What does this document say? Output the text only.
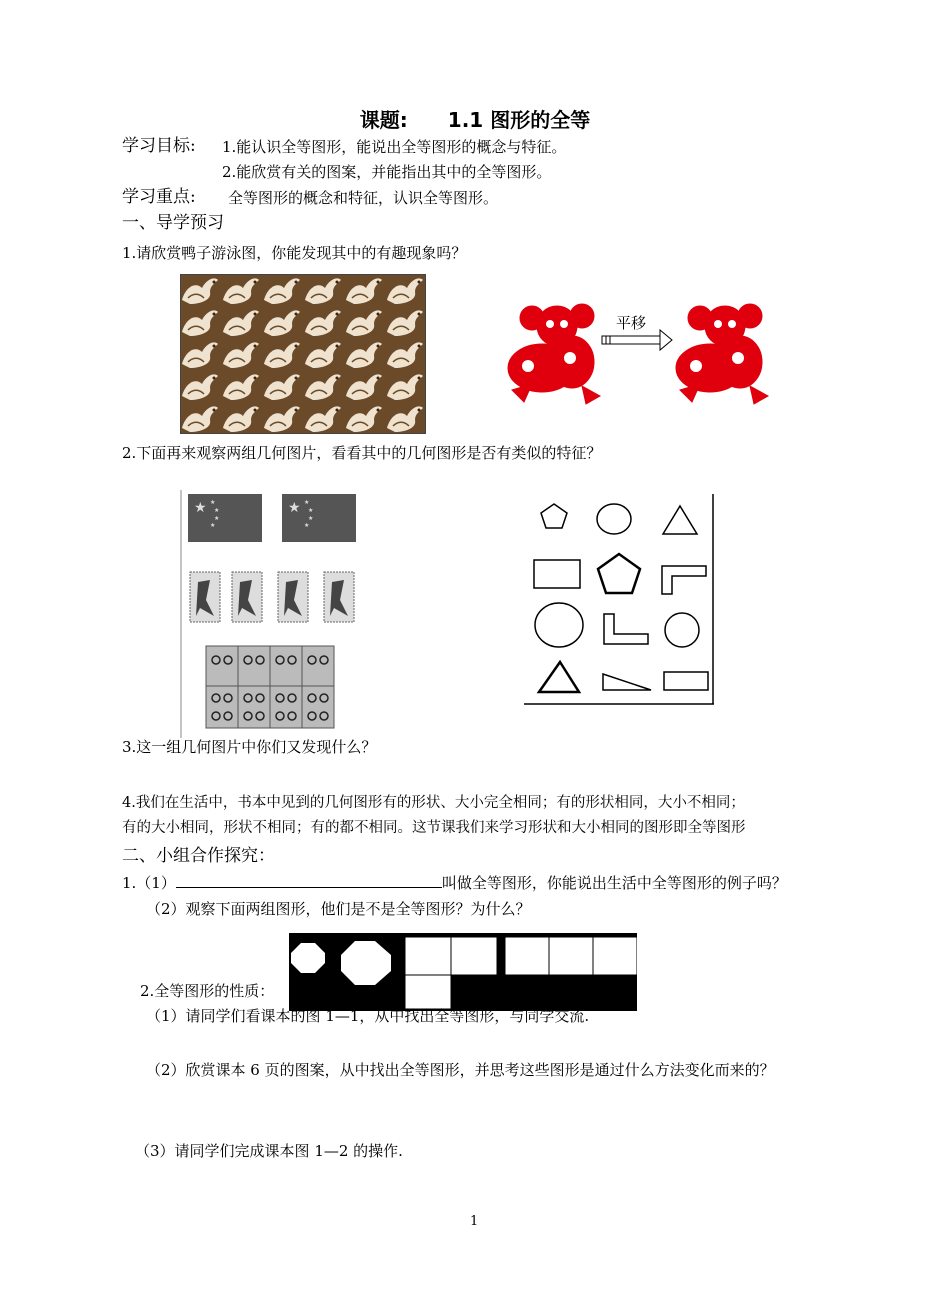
课题: 1.1 图形的全等
学习目标: 1.能认识全等图形，能说出全等图形的概念与特征。
2.能欣赏有关的图案，并能指出其中的全等图形。
学习重点: 全等图形的概念和特征，认识全等图形。
一、导学预习
1.请欣赏鸭子游泳图，你能发现其中的有趣现象吗？
平移
2.下面再来观察两组几何图片，看看其中的几何图形是否有类似的特征？
★ ★
★
★
★
★ ★
★
★
★
3.这一组几何图片中你们又发现什么？
4.我们在生活中，书本中见到的几何图形有的形状、大小完全相同；有的形状相同，大小不相同；
有的大小相同，形状不相同；有的都不相同。这节课我们来学习形状和大小相同的图形即全等图形
二、小组合作探究：
1.（1）	叫做全等图形，你能说出生活中全等图形的例子吗？
（2）观察下面两组图形，他们是不是全等图形？为什么？
2.全等图形的性质：
（1）请同学们看课本的图 1—1，从中找出全等图形，与同学交流.
（2）欣赏课本 6 页的图案，从中找出全等图形，并思考这些图形是通过什么方法变化而来的？
（3）请同学们完成课本图 1—2 的操作.
1
